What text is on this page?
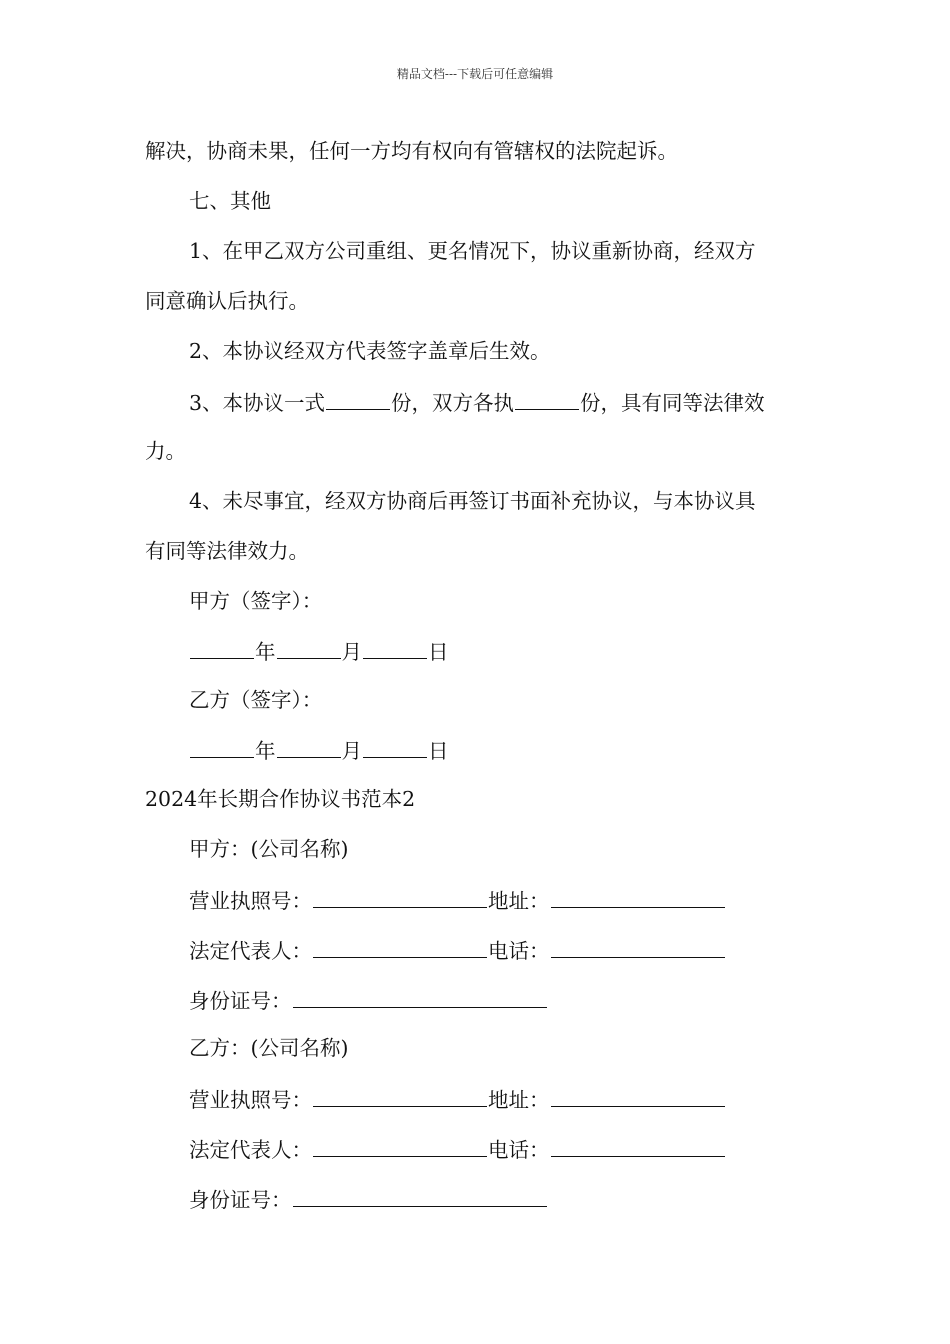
精品文档---下载后可任意编辑
解决，协商未果，任何一方均有权向有管辖权的法院起诉。
七、其他
1、在甲乙双方公司重组、更名情况下，协议重新协商，经双方
同意确认后执行。
2、本协议经双方代表签字盖章后生效。
3、本协议一式	份，双方各执	份，具有同等法律效
力。
4、未尽事宜，经双方协商后再签订书面补充协议，与本协议具
有同等法律效力。
甲方（签字）：
年	月	日
乙方（签字）：
年	月	日
2024年长期合作协议书范本2
甲方：(公司名称)
营业执照号：	地址：
法定代表人：	电话：
身份证号：
乙方：(公司名称)
营业执照号：	地址：
法定代表人：	电话：
身份证号：
